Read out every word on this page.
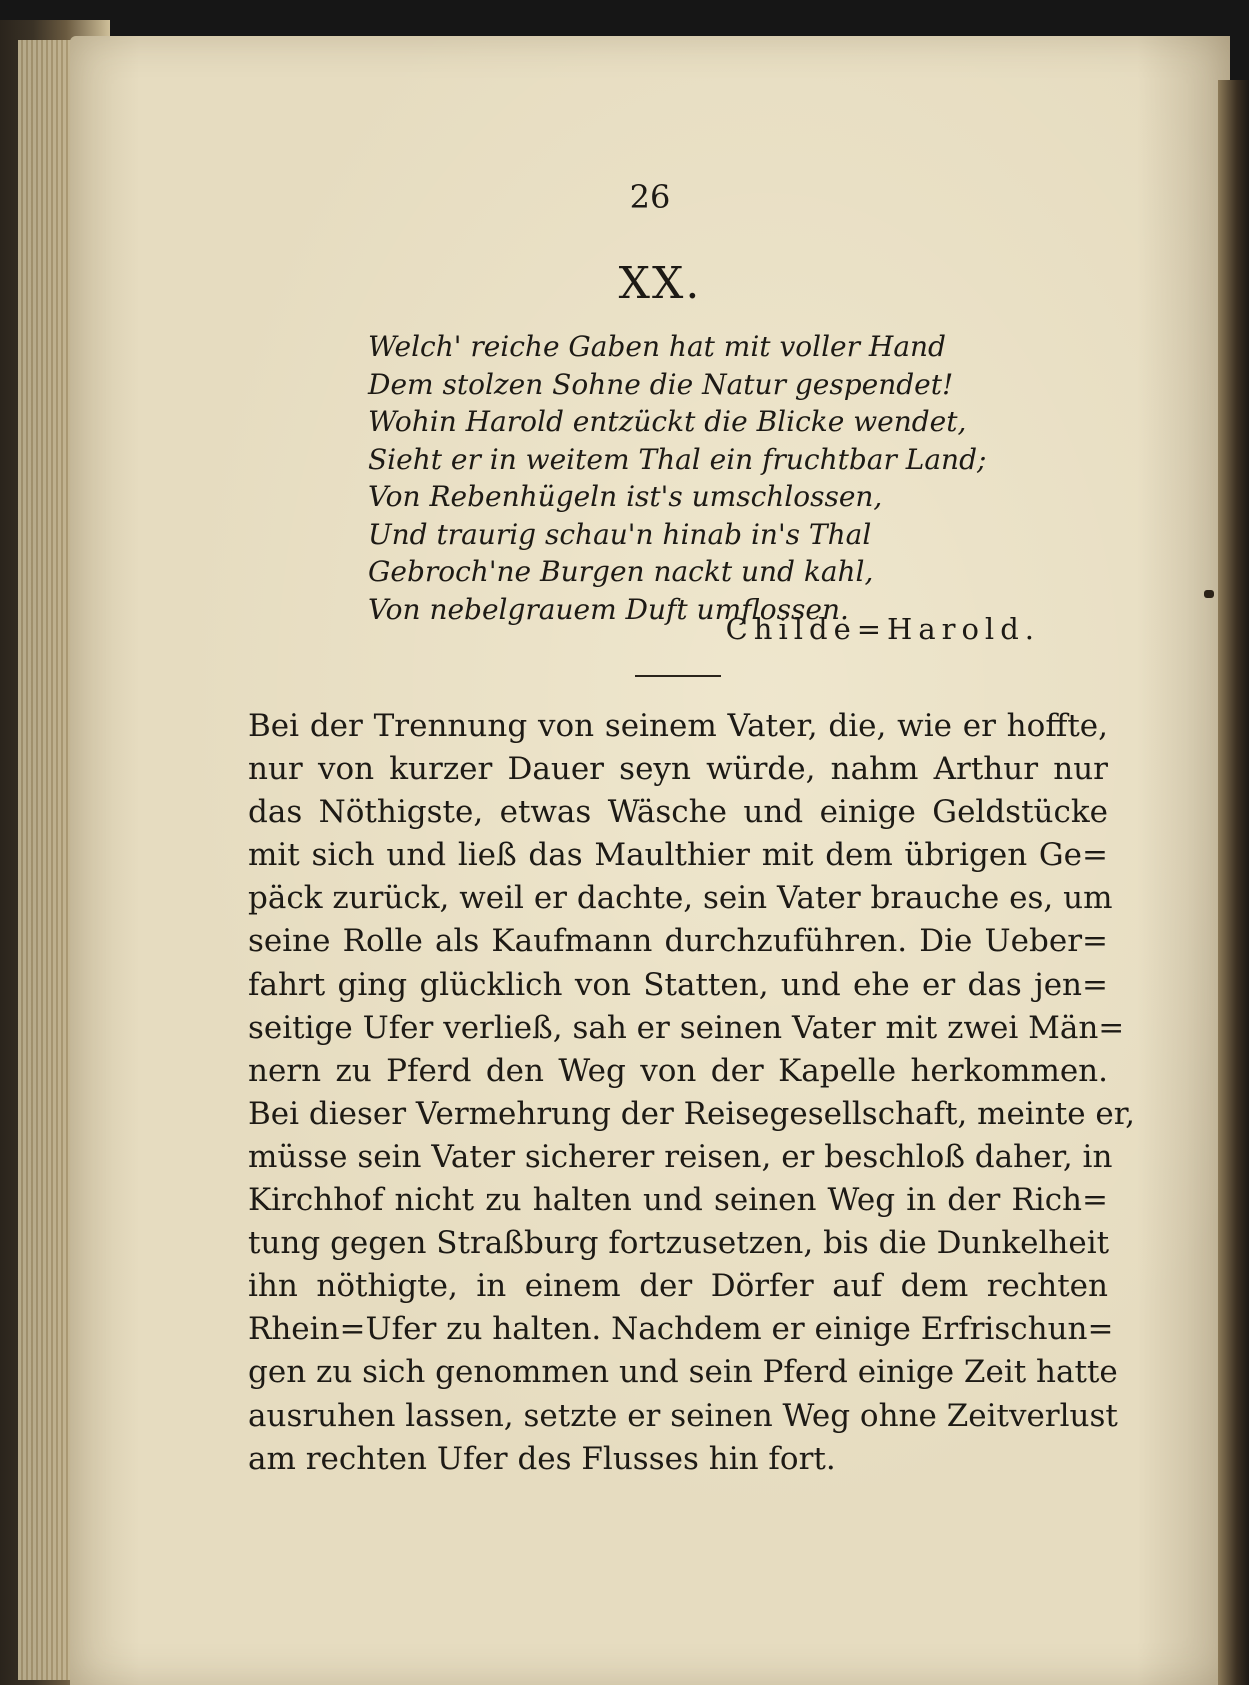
26
XX.
Welch' reiche Gaben hat mit voller Hand
Dem stolzen Sohne die Natur gespendet!
Wohin Harold entzückt die Blicke wendet,
Sieht er in weitem Thal ein fruchtbar Land;
Von Rebenhügeln ist's umschlossen,
Und traurig schau'n hinab in's Thal
Gebroch'ne Burgen nackt und kahl,
Von nebelgrauem Duft umflossen.
Childe=Harold.
Bei der Trennung von seinem Vater, die, wie er hoffte,
nur von kurzer Dauer seyn würde, nahm Arthur nur
das Nöthigste, etwas Wäsche und einige Geldstücke
mit sich und ließ das Maulthier mit dem übrigen Ge=
päck zurück, weil er dachte, sein Vater brauche es, um
seine Rolle als Kaufmann durchzuführen. Die Ueber=
fahrt ging glücklich von Statten, und ehe er das jen=
seitige Ufer verließ, sah er seinen Vater mit zwei Män=
nern zu Pferd den Weg von der Kapelle herkommen.
Bei dieser Vermehrung der Reisegesellschaft, meinte er,
müsse sein Vater sicherer reisen, er beschloß daher, in
Kirchhof nicht zu halten und seinen Weg in der Rich=
tung gegen Straßburg fortzusetzen, bis die Dunkelheit
ihn nöthigte, in einem der Dörfer auf dem rechten
Rhein=Ufer zu halten. Nachdem er einige Erfrischun=
gen zu sich genommen und sein Pferd einige Zeit hatte
ausruhen lassen, setzte er seinen Weg ohne Zeitverlust
am rechten Ufer des Flusses hin fort.
